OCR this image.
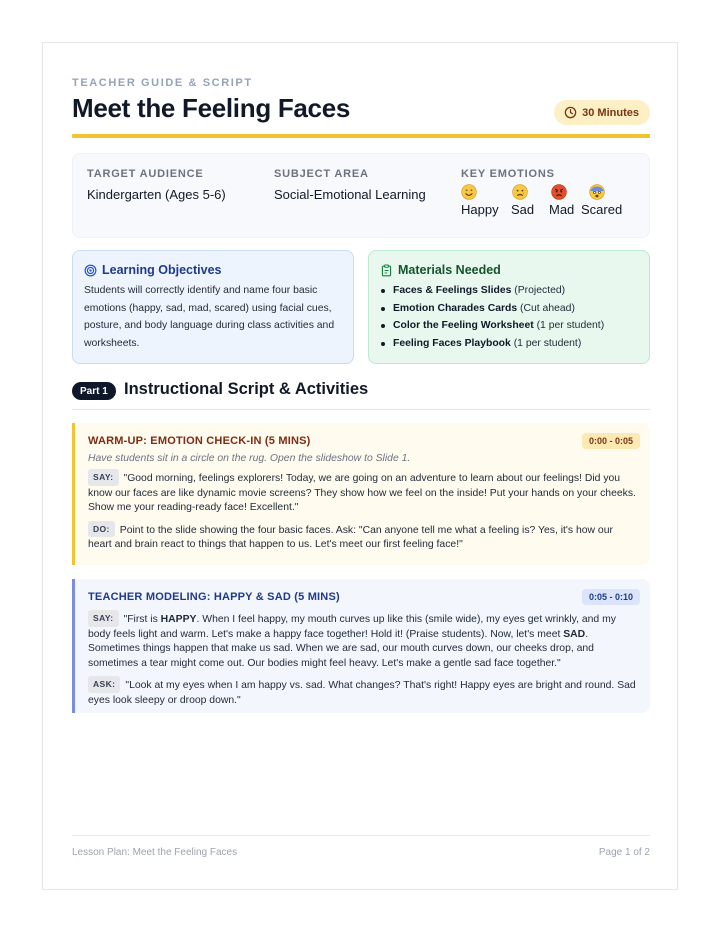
TEACHER GUIDE & SCRIPT
Meet the Feeling Faces	30 Minutes
TARGET AUDIENCE
Kindergarten (Ages 5-6)
SUBJECT AREA
Social-Emotional Learning
KEY EMOTIONS
Happy Sad	Mad Scared
Learning Objectives
Students will correctly identify and name four basic emotions (happy, sad, mad, scared) using facial cues, posture, and body language during class activities and worksheets.
Materials Needed
Faces & Feelings Slides (Projected)
Emotion Charades Cards (Cut ahead)
Color the Feeling Worksheet (1 per student)
Feeling Faces Playbook (1 per student)
Part 1 Instructional Script & Activities
WARM-UP: EMOTION CHECK-IN (5 MINS)	0:00 - 0:05
Have students sit in a circle on the rug. Open the slideshow to Slide 1.
SAY: "Good morning, feelings explorers! Today, we are going on an adventure to learn about our feelings! Did you know our faces are like dynamic movie screens? They show how we feel on the inside! Put your hands on your cheeks. Show me your reading-ready face! Excellent."
DO: Point to the slide showing the four basic faces. Ask: "Can anyone tell me what a feeling is? Yes, it's how our heart and brain react to things that happen to us. Let's meet our first feeling face!"
TEACHER MODELING: HAPPY & SAD (5 MINS)	0:05 - 0:10
SAY: "First is HAPPY. When I feel happy, my mouth curves up like this (smile wide), my eyes get wrinkly, and my body feels light and warm. Let's make a happy face together! Hold it! (Praise students). Now, let's meet SAD. Sometimes things happen that make us sad. When we are sad, our mouth curves down, our cheeks drop, and sometimes a tear might come out. Our bodies might feel heavy. Let's make a gentle sad face together."
ASK: "Look at my eyes when I am happy vs. sad. What changes? That's right! Happy eyes are bright and round. Sad eyes look sleepy or droop down."
Lesson Plan: Meet the Feeling Faces	Page 1 of 2
